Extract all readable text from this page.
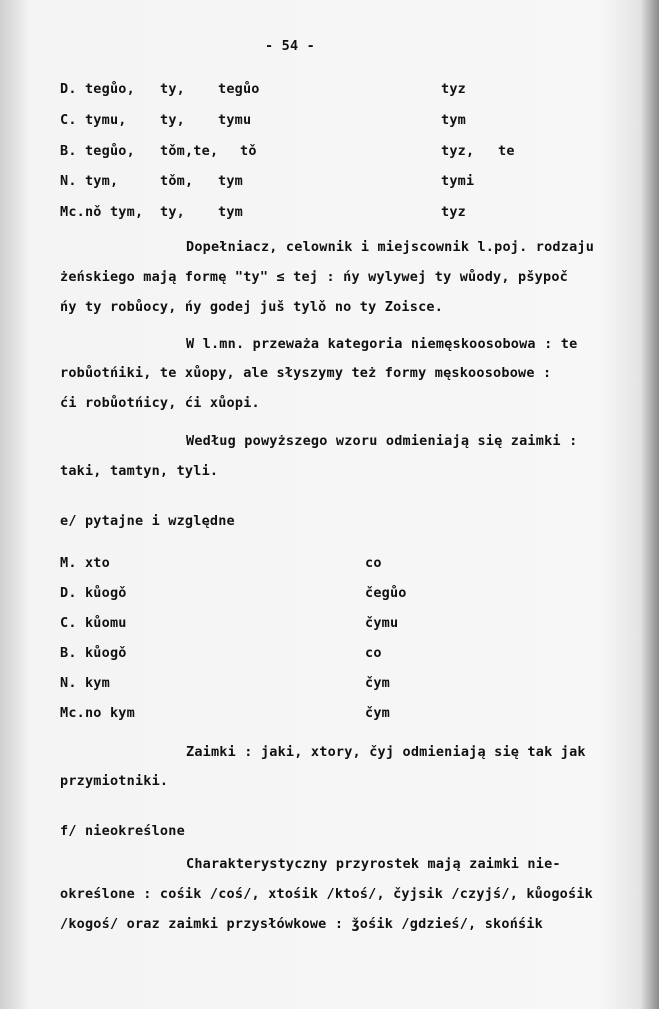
- 54 -
D. tegůo, ty, tegůo	tyz
C. tymu, ty, tymu	tym
B. tegůo, tǒm,te, tǒ	tyz, te
N. tym,	tǒm, tym	tymi
Mc.nǒ tym, ty, tym	tyz
Dopełniacz, celownik i miejscownik l.poj. rodzaju
żeńskiego mają formę "ty" ≤ tej : ńy wylywej ty wůody, pšypoč
ńy ty robůocy, ńy godej juš tylǒ no ty Zoisce.
W l.mn. przeważa kategoria niemęskoosobowa : te
robůotńiki, te xůopy, ale słyszymy też formy męskoosobowe :
ći robůotńicy, ći xůopi.
Według powyższego wzoru odmieniają się zaimki :
taki, tamtyn, tyli.
e/ pytajne i względne
M. xto	co
D. kůogǒ	čegůo
C. kůomu	čymu
B. kůogǒ	co
N. kym	čym
Mc.no kym	čym
Zaimki : jaki, xtory, čyj odmieniają się tak jak
przymiotniki.
f/ nieokreślone
Charakterystyczny przyrostek mają zaimki nie-
określone : cośik /coś/, xtośik /ktoś/, čyjsik /czyjś/, kůogośik
/kogoś/ oraz zaimki przysłówkowe : ǯośik /gdzieś/, skońśik
